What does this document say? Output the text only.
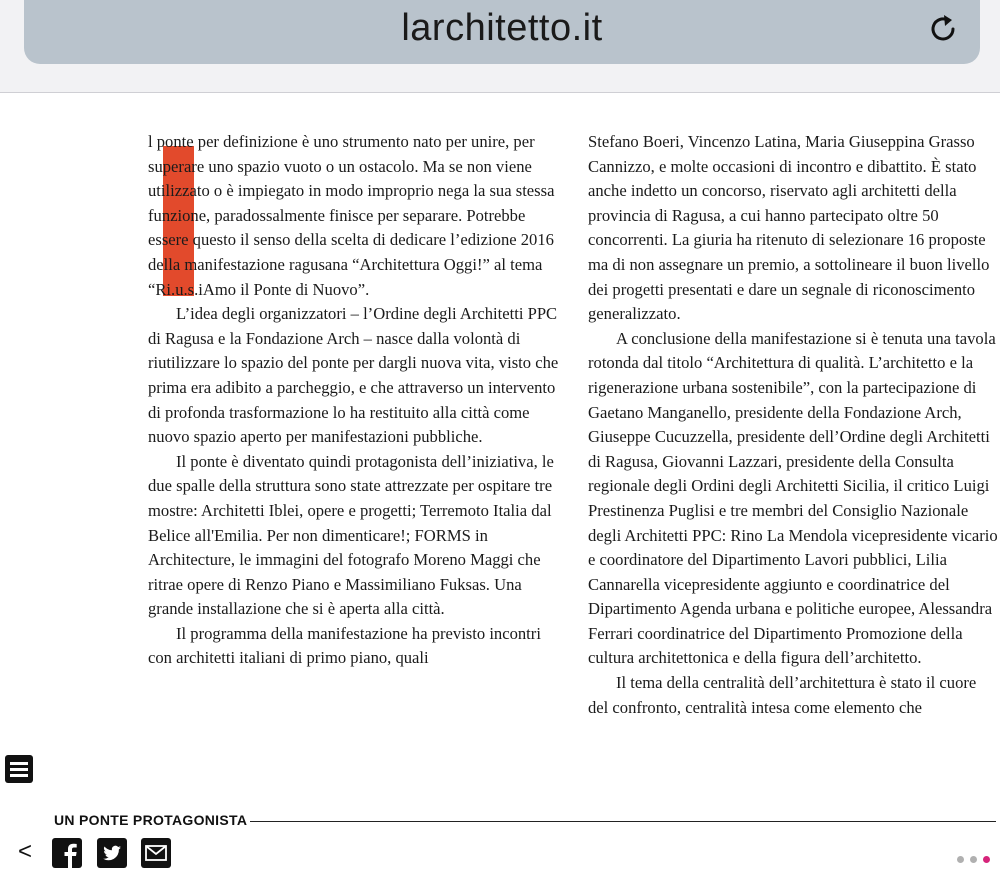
larchitetto.it

l ponte per definizione è uno strumento nato per unire, per superare uno spazio vuoto o un ostacolo. Ma se non viene utilizzato o è impiegato in modo improprio nega la sua stessa funzione, paradossalmente finisce per separare. Potrebbe essere questo il senso della scelta di dedicare l’edizione 2016 della manifestazione ragusana “Architettura Oggi!” al tema “Ri.u.s.iAmo il Ponte di Nuovo”.

L’idea degli organizzatori – l’Ordine degli Architetti PPC di Ragusa e la Fondazione Arch – nasce dalla volontà di riutilizzare lo spazio del ponte per dargli nuova vita, visto che prima era adibito a parcheggio, e che attraverso un intervento di profonda trasformazione lo ha restituito alla città come nuovo spazio aperto per manifestazioni pubbliche.

Il ponte è diventato quindi protagonista dell’iniziativa, le due spalle della struttura sono state attrezzate per ospitare tre mostre: Architetti Iblei, opere e progetti; Terremoto Italia dal Belice all'Emilia. Per non dimenticare!; FORMS in Architecture, le immagini del fotografo Moreno Maggi che ritrae opere di Renzo Piano e Massimiliano Fuksas. Una grande installazione che si è aperta alla città.

Il programma della manifestazione ha previsto incontri con architetti italiani di primo piano, quali

Stefano Boeri, Vincenzo Latina, Maria Giuseppina Grasso Cannizzo, e molte occasioni di incontro e dibattito. È stato anche indetto un concorso, riservato agli architetti della provincia di Ragusa, a cui hanno partecipato oltre 50 concorrenti. La giuria ha ritenuto di selezionare 16 proposte ma di non assegnare un premio, a sottolineare il buon livello dei progetti presentati e dare un segnale di riconoscimento generalizzato.

A conclusione della manifestazione si è tenuta una tavola rotonda dal titolo “Architettura di qualità. L’architetto e la rigenerazione urbana sostenibile”, con la partecipazione di Gaetano Manganello, presidente della Fondazione Arch, Giuseppe Cucuzzella, presidente dell’Ordine degli Architetti di Ragusa, Giovanni Lazzari, presidente della Consulta regionale degli Ordini degli Architetti Sicilia, il critico Luigi Prestinenza Puglisi e tre membri del Consiglio Nazionale degli Architetti PPC: Rino La Mendola vicepresidente vicario e coordinatore del Dipartimento Lavori pubblici, Lilia Cannarella vicepresidente aggiunto e coordinatrice del Dipartimento Agenda urbana e politiche europee, Alessandra Ferrari coordinatrice del Dipartimento Promozione della cultura architettonica e della figura dell’architetto.

Il tema della centralità dell’architettura è stato il cuore del confronto, centralità intesa come elemento che

UN PONTE PROTAGONISTA
<
